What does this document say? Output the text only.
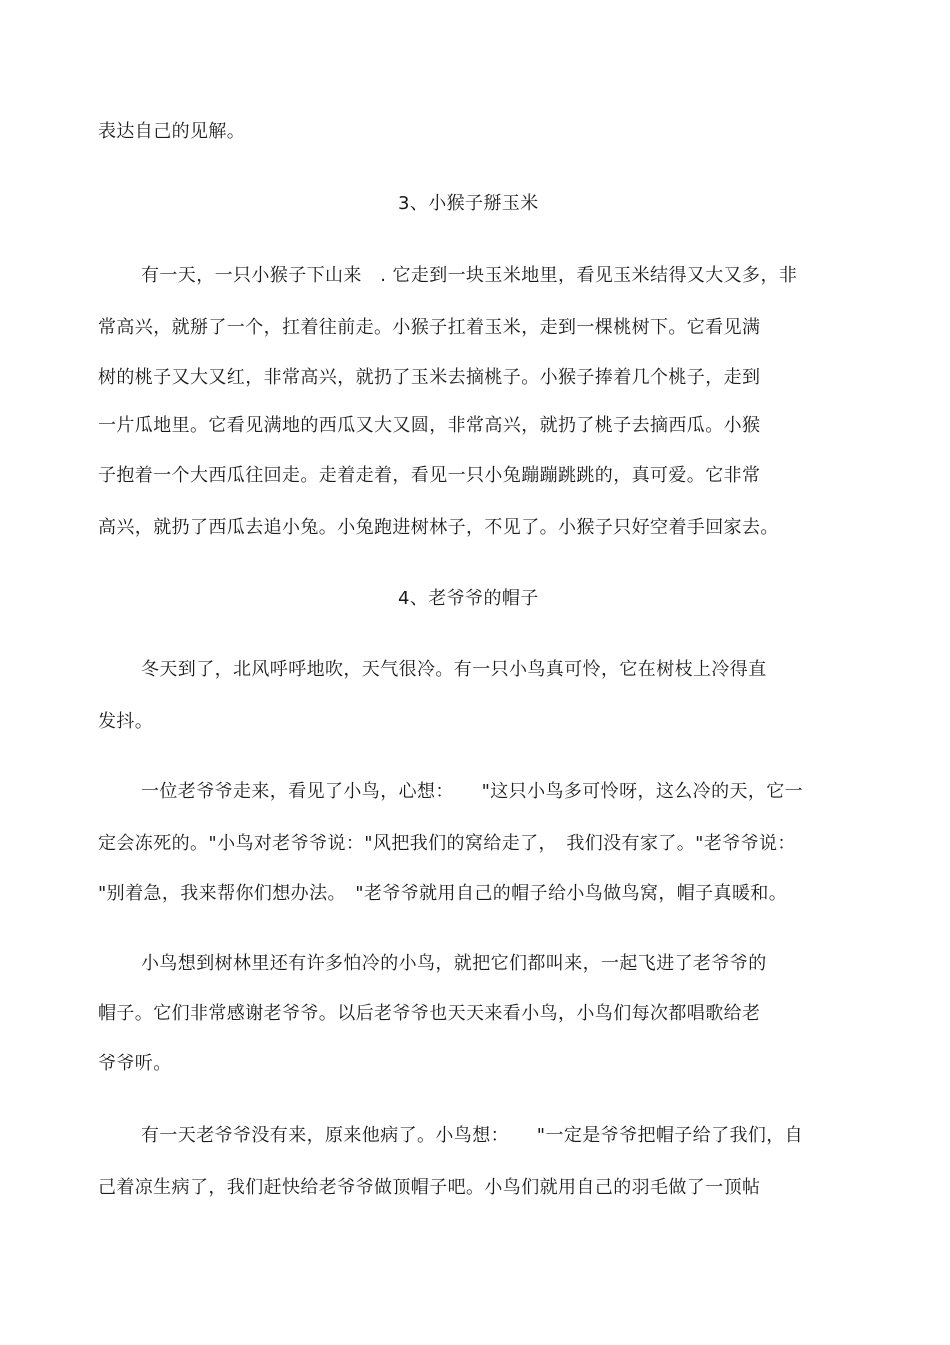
表达自己的见解。
3、小猴子掰玉米
有一天，一只小猴子下山来　. 它走到一块玉米地里，看见玉米结得又大又多，非
常高兴，就掰了一个，扛着往前走。小猴子扛着玉米，走到一棵桃树下。它看见满
树的桃子又大又红，非常高兴，就扔了玉米去摘桃子。小猴子捧着几个桃子，走到
一片瓜地里。它看见满地的西瓜又大又圆，非常高兴，就扔了桃子去摘西瓜。小猴
子抱着一个大西瓜往回走。走着走着，看见一只小兔蹦蹦跳跳的，真可爱。它非常
高兴，就扔了西瓜去追小兔。小兔跑进树林子，不见了。小猴子只好空着手回家去。
4、老爷爷的帽子
冬天到了，北风呼呼地吹，天气很冷。有一只小鸟真可怜，它在树枝上冷得直
发抖。
一位老爷爷走来，看见了小鸟，心想：　　"这只小鸟多可怜呀，这么冷的天，它一
定会冻死的。"小鸟对老爷爷说："风把我们的窝给走了，　我们没有家了。"老爷爷说：
"别着急，我来帮你们想办法。　"老爷爷就用自己的帽子给小鸟做鸟窝，帽子真暖和。
小鸟想到树林里还有许多怕冷的小鸟，就把它们都叫来，一起飞进了老爷爷的
帽子。它们非常感谢老爷爷。以后老爷爷也天天来看小鸟，小鸟们每次都唱歌给老
爷爷听。
有一天老爷爷没有来，原来他病了。小鸟想：　　"一定是爷爷把帽子给了我们，自
己着凉生病了，我们赶快给老爷爷做顶帽子吧。小鸟们就用自己的羽毛做了一顶帖
